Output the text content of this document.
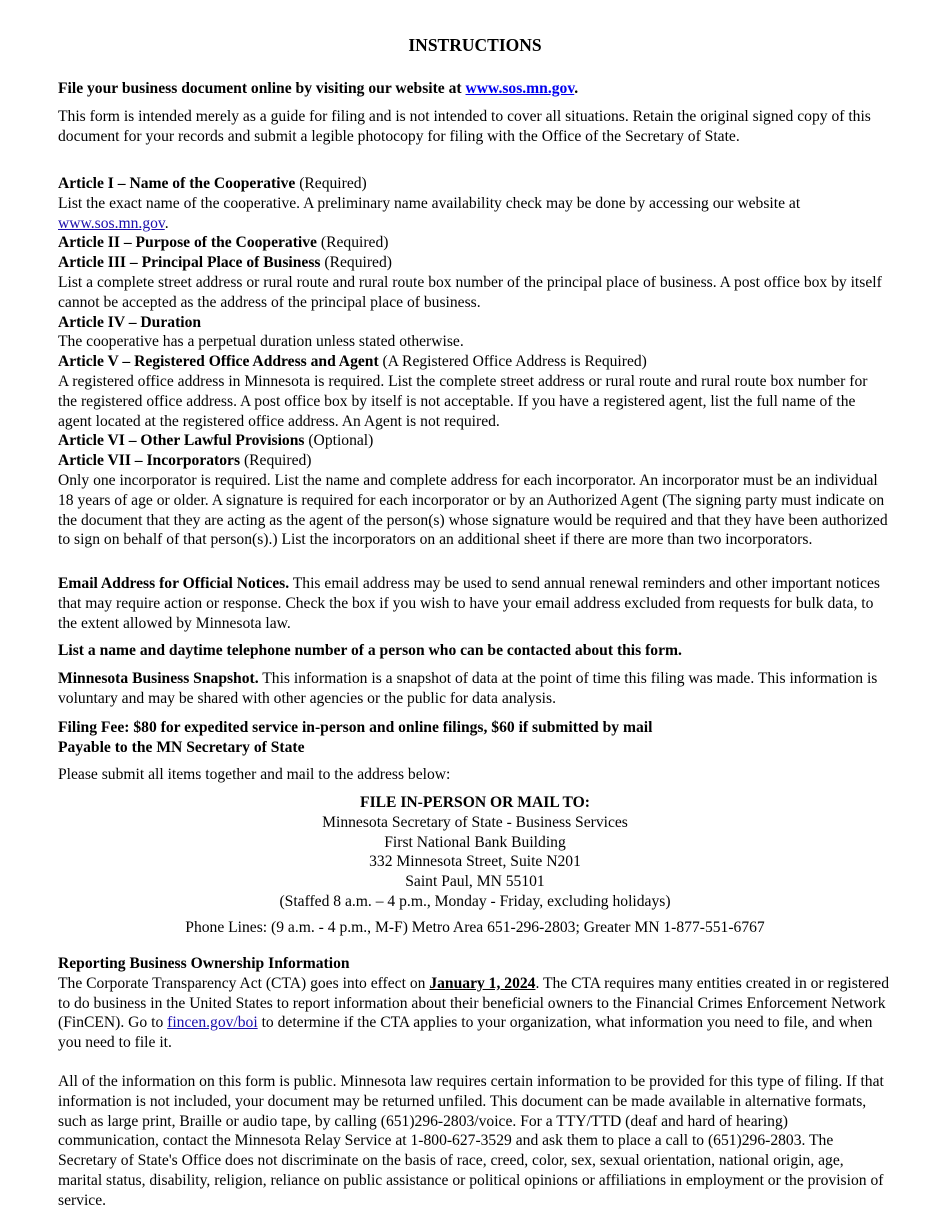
INSTRUCTIONS

File your business document online by visiting our website at www.sos.mn.gov.

This form is intended merely as a guide for filing and is not intended to cover all situations. Retain the original signed copy of this document for your records and submit a legible photocopy for filing with the Office of the Secretary of State.

Article I – Name of the Cooperative (Required)

List the exact name of the cooperative. A preliminary name availability check may be done by accessing our website at www.sos.mn.gov.

Article II – Purpose of the Cooperative (Required)

Article III – Principal Place of Business (Required)

List a complete street address or rural route and rural route box number of the principal place of business. A post office box by itself cannot be accepted as the address of the principal place of business.

Article IV – Duration

The cooperative has a perpetual duration unless stated otherwise.

Article V – Registered Office Address and Agent (A Registered Office Address is Required)

A registered office address in Minnesota is required. List the complete street address or rural route and rural route box number for the registered office address. A post office box by itself is not acceptable. If you have a registered agent, list the full name of the agent located at the registered office address. An Agent is not required.

Article VI – Other Lawful Provisions (Optional)

Article VII – Incorporators (Required)

Only one incorporator is required. List the name and complete address for each incorporator. An incorporator must be an individual 18 years of age or older. A signature is required for each incorporator or by an Authorized Agent (The signing party must indicate on the document that they are acting as the agent of the person(s) whose signature would be required and that they have been authorized to sign on behalf of that person(s).) List the incorporators on an additional sheet if there are more than two incorporators.

Email Address for Official Notices. This email address may be used to send annual renewal reminders and other important notices that may require action or response. Check the box if you wish to have your email address excluded from requests for bulk data, to the extent allowed by Minnesota law.

List a name and daytime telephone number of a person who can be contacted about this form.

Minnesota Business Snapshot. This information is a snapshot of data at the point of time this filing was made. This information is voluntary and may be shared with other agencies or the public for data analysis.

Filing Fee: $80 for expedited service in-person and online filings, $60 if submitted by mail

Payable to the MN Secretary of State

Please submit all items together and mail to the address below:

FILE IN-PERSON OR MAIL TO:

Minnesota Secretary of State - Business Services

First National Bank Building

332 Minnesota Street, Suite N201

Saint Paul, MN 55101

(Staffed 8 a.m. – 4 p.m., Monday - Friday, excluding holidays)

Phone Lines: (9 a.m. - 4 p.m., M-F) Metro Area 651-296-2803; Greater MN 1-877-551-6767

Reporting Business Ownership Information

The Corporate Transparency Act (CTA) goes into effect on January 1, 2024. The CTA requires many entities created in or registered to do business in the United States to report information about their beneficial owners to the Financial Crimes Enforcement Network (FinCEN). Go to fincen.gov/boi to determine if the CTA applies to your organization, what information you need to file, and when you need to file it.

All of the information on this form is public. Minnesota law requires certain information to be provided for this type of filing. If that information is not included, your document may be returned unfiled. This document can be made available in alternative formats, such as large print, Braille or audio tape, by calling (651)296-2803/voice. For a TTY/TTD (deaf and hard of hearing) communication, contact the Minnesota Relay Service at 1-800-627-3529 and ask them to place a call to (651)296-2803. The Secretary of State's Office does not discriminate on the basis of race, creed, color, sex, sexual orientation, national origin, age, marital status, disability, religion, reliance on public assistance or political opinions or affiliations in employment or the provision of service.
